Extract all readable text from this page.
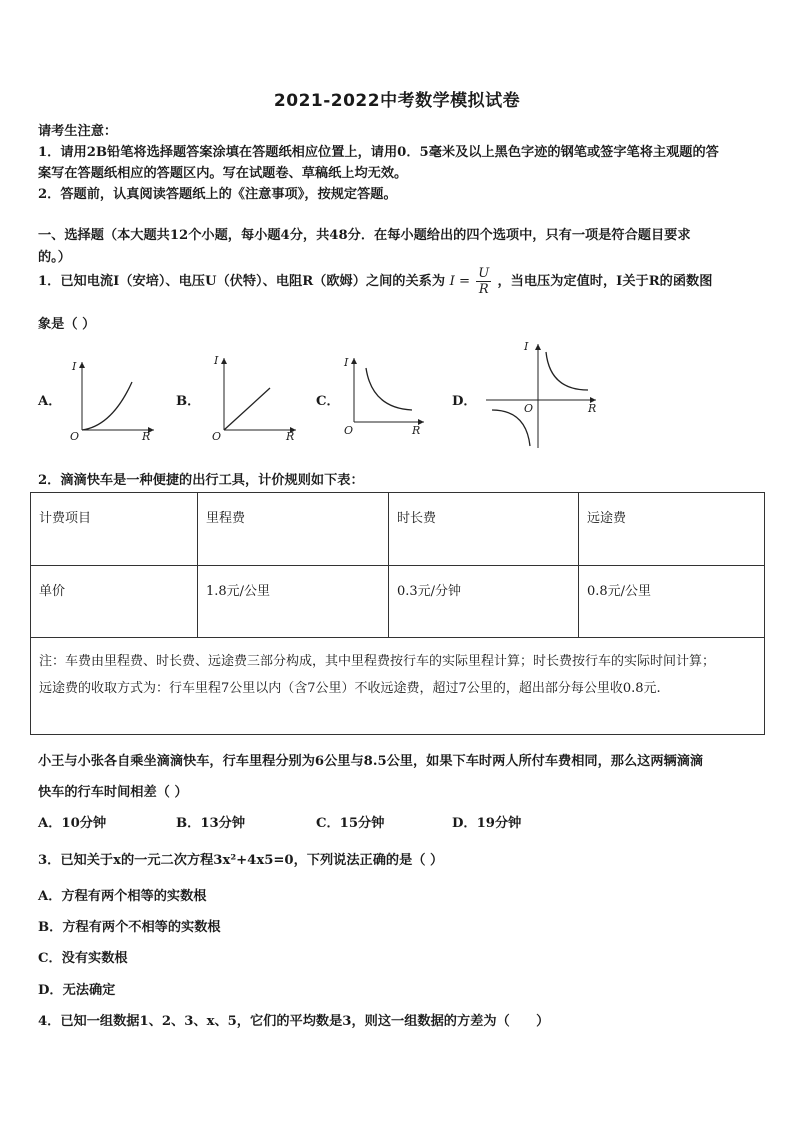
2021-2022中考数学模拟试卷
请考生注意：
1．请用2B铅笔将选择题答案涂填在答题纸相应位置上，请用0．5毫米及以上黑色字迹的钢笔或签字笔将主观题的答
案写在答题纸相应的答题区内。写在试题卷、草稿纸上均无效。
2．答题前，认真阅读答题纸上的《注意事项》，按规定答题。
一、选择题（本大题共12个小题，每小题4分，共48分．在每小题给出的四个选项中，只有一项是符合题目要求
的。）
1．已知电流I（安培）、电压U（伏特）、电阻R（欧姆）之间的关系为 $I = \frac{U}{R}$ ，当电压为定值时，I关于R的函数图
象是（ ）
A．
O
I
R
B．
O
I
R
C．
O
I
R
D．	O
I
R
2．滴滴快车是一种便捷的出行工具，计价规则如下表：
计费项目	里程费	时长费	远途费
单价	1.8元/公里	0.3元/分钟	0.8元/公里

注：车费由里程费、时长费、远途费三部分构成，其中里程费按行车的实际里程计算；时长费按行车的实际时间计算；
远途费的收取方式为：行车里程7公里以内（含7公里）不收远途费，超过7公里的，超出部分每公里收0.8元.			
小王与小张各自乘坐滴滴快车，行车里程分别为6公里与8.5公里，如果下车时两人所付车费相同，那么这两辆滴滴
快车的行车时间相差（ ）
A．10分钟	B．13分钟	C．15分钟	D．19分钟
3．已知关于x的一元二次方程3x²+4x5=0，下列说法正确的是（ ）
A．方程有两个相等的实数根
B．方程有两个不相等的实数根
C．没有实数根
D．无法确定
4．已知一组数据1、2、3、x、5，它们的平均数是3，则这一组数据的方差为（　　）
